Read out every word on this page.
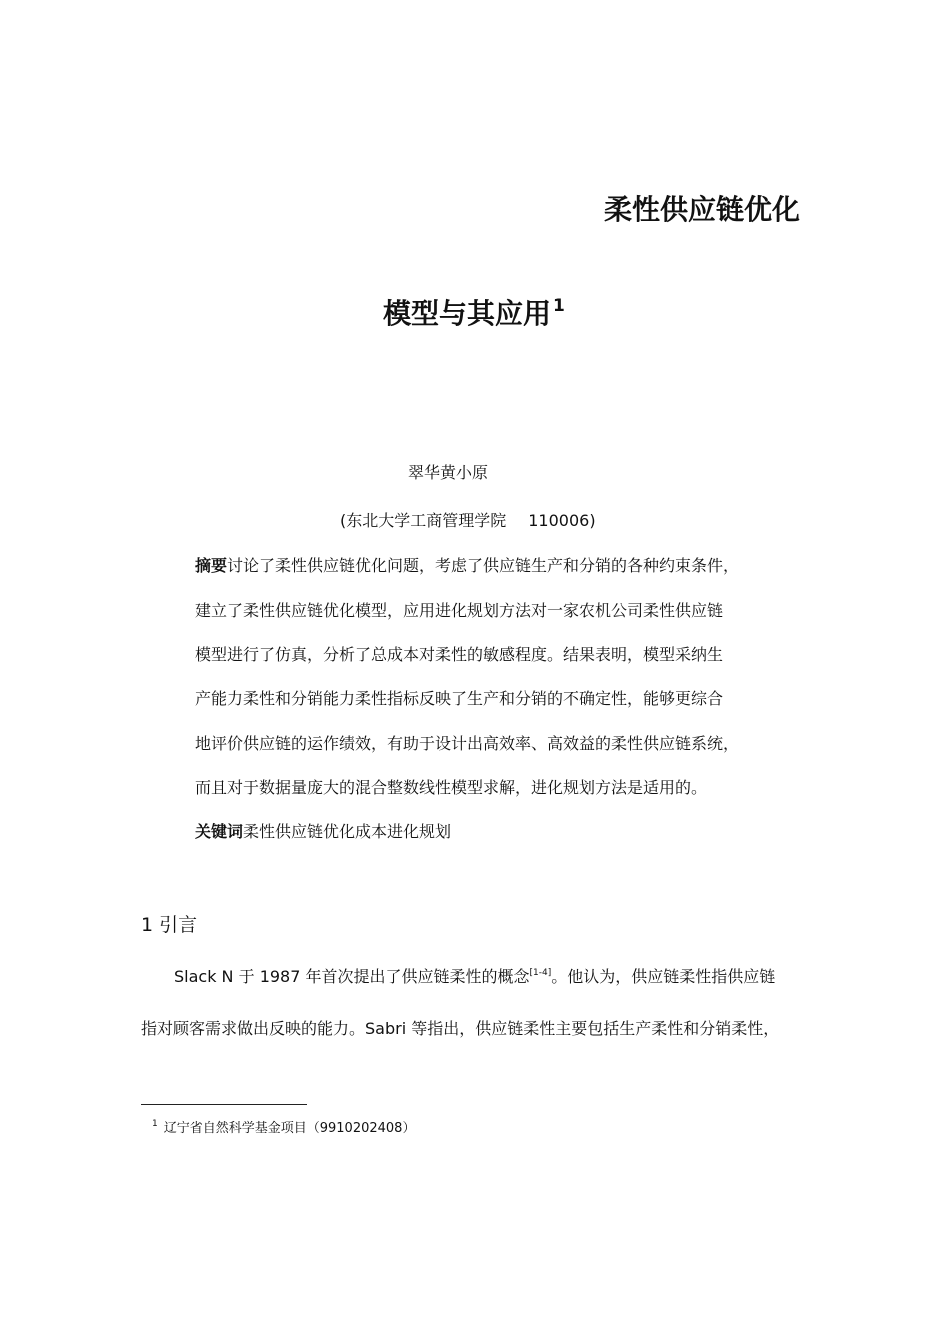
柔性供应链优化
模型与其应用 $^1$
翠华黄小原
(东北大学工商管理学院 110006)
摘要讨论了柔性供应链优化问题，考虑了供应链生产和分销的各种约束条件，
建立了柔性供应链优化模型，应用进化规划方法对一家农机公司柔性供应链
模型进行了仿真，分析了总成本对柔性的敏感程度。结果表明，模型采纳生
产能力柔性和分销能力柔性指标反映了生产和分销的不确定性，能够更综合
地评价供应链的运作绩效，有助于设计出高效率、高效益的柔性供应链系统，
而且对于数据量庞大的混合整数线性模型求解，进化规划方法是适用的。
关键词柔性供应链优化成本进化规划
1 引言
Slack N 于 1987 年首次提出了供应链柔性的概念[1-4]。他认为，供应链柔性指供应链
指对顾客需求做出反映的能力。Sabri 等指出，供应链柔性主要包括生产柔性和分销柔性，
$^1$ 辽宁省自然科学基金项目（9910202408）
